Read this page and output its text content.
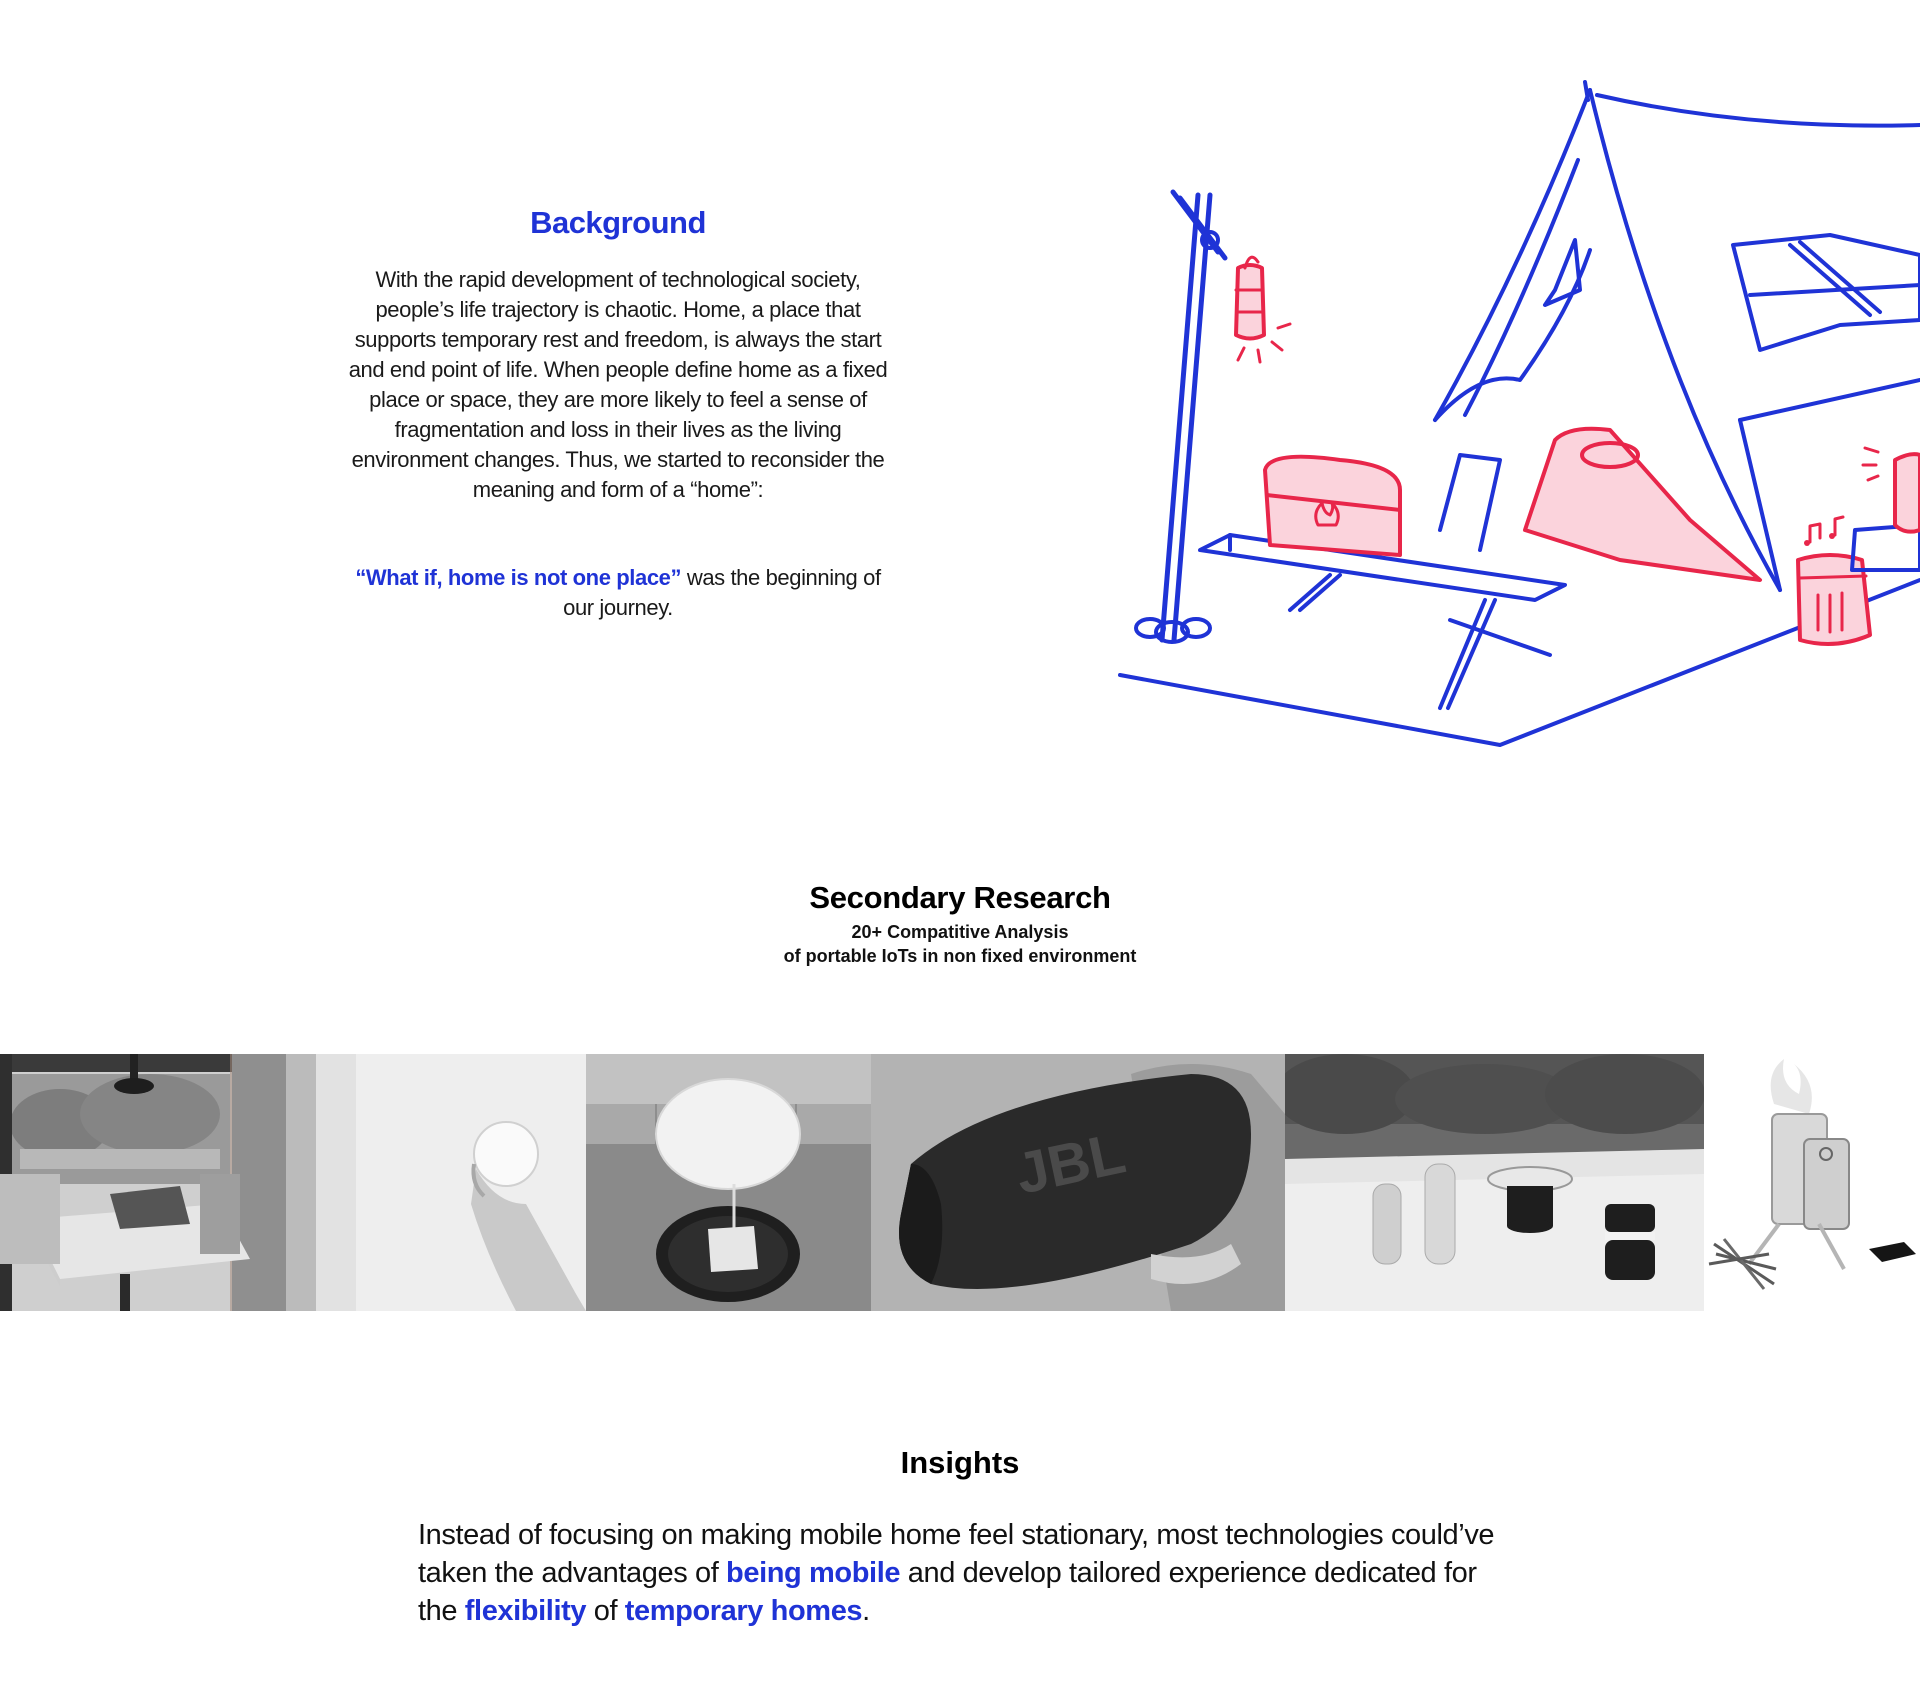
Background

With the rapid development of technological society, people’s life trajectory is chaotic. Home, a place that supports temporary rest and freedom, is always the start and end point of life. When people define home as a fixed place or space, they are more likely to feel a sense of fragmentation and loss in their lives as the living environment changes. Thus, we started to reconsider the meaning and form of a “home”:

“What if, home is not one place” was the beginning of our journey.
Secondary Research

20+ Compatitive Analysis
of portable IoTs in non fixed environment

JBL
Insights

Instead of focusing on making mobile home feel stationary, most technologies could’ve taken the advantages of being mobile and develop tailored experience dedicated for the flexibility of temporary homes.
